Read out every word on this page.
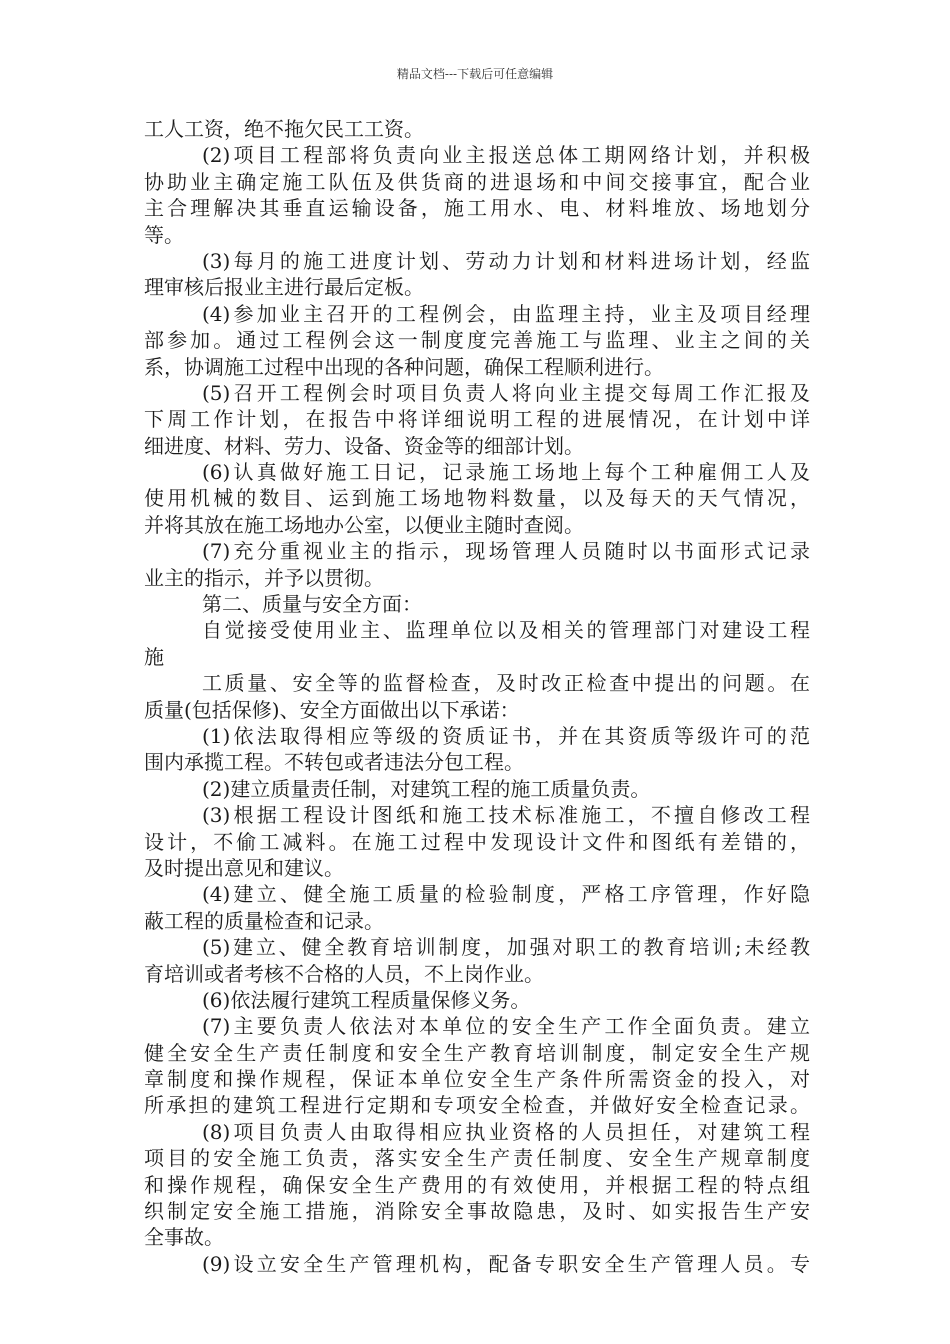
精品文档---下载后可任意编辑
工人工资，绝不拖欠民工工资。
(2)项目工程部将负责向业主报送总体工期网络计划，并积极
协助业主确定施工队伍及供货商的进退场和中间交接事宜，配合业
主合理解决其垂直运输设备，施工用水、电、材料堆放、场地划分
等。
(3)每月的施工进度计划、劳动力计划和材料进场计划，经监
理审核后报业主进行最后定板。
(4)参加业主召开的工程例会，由监理主持，业主及项目经理
部参加。通过工程例会这一制度度完善施工与监理、业主之间的关
系，协调施工过程中出现的各种问题，确保工程顺利进行。
(5)召开工程例会时项目负责人将向业主提交每周工作汇报及
下周工作计划，在报告中将详细说明工程的进展情况，在计划中详
细进度、材料、劳力、设备、资金等的细部计划。
(6)认真做好施工日记，记录施工场地上每个工种雇佣工人及
使用机械的数目、运到施工场地物料数量，以及每天的天气情况，
并将其放在施工场地办公室，以便业主随时查阅。
(7)充分重视业主的指示，现场管理人员随时以书面形式记录
业主的指示，并予以贯彻。
第二、质量与安全方面：
自觉接受使用业主、监理单位以及相关的管理部门对建设工程
施
工质量、安全等的监督检查，及时改正检查中提出的问题。在
质量(包括保修)、安全方面做出以下承诺：
(1)依法取得相应等级的资质证书，并在其资质等级许可的范
围内承揽工程。不转包或者违法分包工程。
(2)建立质量责任制，对建筑工程的施工质量负责。
(3)根据工程设计图纸和施工技术标准施工，不擅自修改工程
设计，不偷工减料。在施工过程中发现设计文件和图纸有差错的，
及时提出意见和建议。
(4)建立、健全施工质量的检验制度，严格工序管理，作好隐
蔽工程的质量检查和记录。
(5)建立、健全教育培训制度，加强对职工的教育培训;未经教
育培训或者考核不合格的人员，不上岗作业。
(6)依法履行建筑工程质量保修义务。
(7)主要负责人依法对本单位的安全生产工作全面负责。建立
健全安全生产责任制度和安全生产教育培训制度，制定安全生产规
章制度和操作规程，保证本单位安全生产条件所需资金的投入，对
所承担的建筑工程进行定期和专项安全检查，并做好安全检查记录。
(8)项目负责人由取得相应执业资格的人员担任，对建筑工程
项目的安全施工负责，落实安全生产责任制度、安全生产规章制度
和操作规程，确保安全生产费用的有效使用，并根据工程的特点组
织制定安全施工措施，消除安全事故隐患，及时、如实报告生产安
全事故。
(9)设立安全生产管理机构，配备专职安全生产管理人员。专
